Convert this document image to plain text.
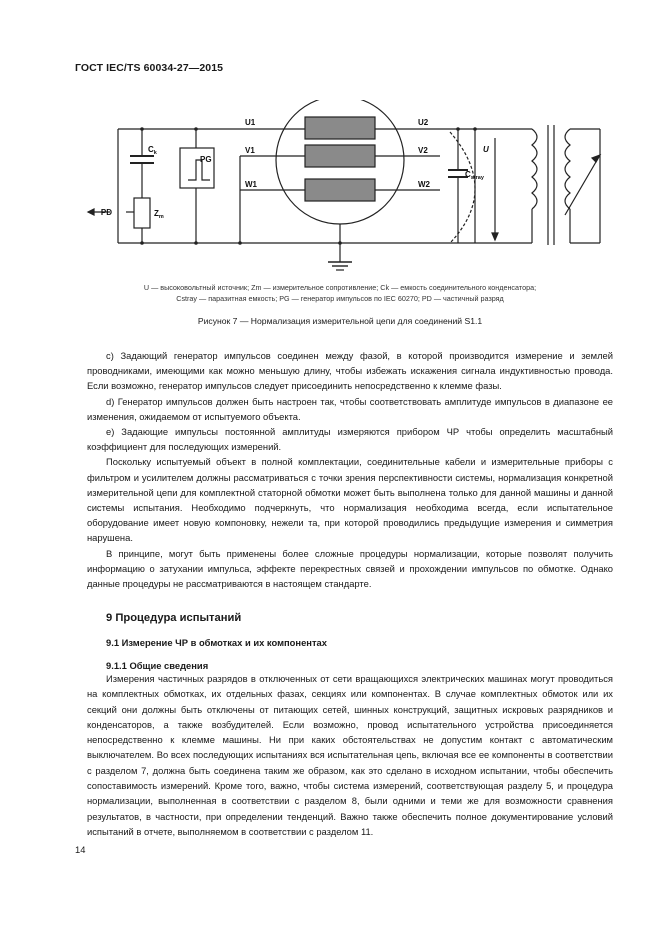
ГОСТ IEC/TS 60034-27—2015
U1
V1
W1
U2
V2
W2
PG
PD
$C_k$
$Z_m$
$C_{stray}$
U
U — высоковольтный источник; Zm — измерительное сопротивление; Ck — емкость соединительного конденсатора;
Cstray — паразитная емкость; PG — генератор импульсов по IEC 60270; PD — частичный разряд
Рисунок 7 — Нормализация измерительной цепи для соединений S1.1

c) Задающий генератор импульсов соединен между фазой, в которой производится измерение и землей проводниками, имеющими как можно меньшую длину, чтобы избежать искажения сигнала индуктивностью провода. Если возможно, генератор импульсов следует присоединить непосредственно к клемме фазы.

d) Генератор импульсов должен быть настроен так, чтобы соответствовать амплитуде импульсов в диапазоне ее изменения, ожидаемом от испытуемого объекта.

e) Задающие импульсы постоянной амплитуды измеряются прибором ЧР чтобы определить масштабный коэффициент для последующих измерений.

Поскольку испытуемый объект в полной комплектации, соединительные кабели и измерительные приборы с фильтром и усилителем должны рассматриваться с точки зрения перспективности системы, нормализация конкретной измерительной цепи для комплектной статорной обмотки может быть выполнена только для данной машины и данной системы испытания. Необходимо подчеркнуть, что нормализация необходима всегда, если испытательное оборудование имеет новую компоновку, нежели та, при которой проводились предыдущие измерения и симметрия нарушена.

В принципе, могут быть применены более сложные процедуры нормализации, которые позволят получить информацию о затухании импульса, эффекте перекрестных связей и прохождении импульсов по обмотке. Однако данные процедуры не рассматриваются в настоящем стандарте.

9 Процедура испытаний
9.1 Измерение ЧР в обмотках и их компонентах
9.1.1 Общие сведения

Измерения частичных разрядов в отключенных от сети вращающихся электрических машинах могут проводиться на комплектных обмотках, их отдельных фазах, секциях или компонентах. В случае комплектных обмоток или их секций они должны быть отключены от питающих сетей, шинных конструкций, защитных искровых разрядников и конденсаторов, а также возбудителей. Если возможно, провод испытательного устройства присоединяется непосредственно к клемме машины. Ни при каких обстоятельствах не допустим контакт с автоматическим выключателем. Во всех последующих испытаниях вся испытательная цепь, включая все ее компоненты в соответствии с разделом 7, должна быть соединена таким же образом, как это сделано в исходном испытании, чтобы обеспечить сопоставимость измерений. Кроме того, важно, чтобы система измерений, соответствующая разделу 5, и процедура нормализации, выполненная в соответствии с разделом 8, были одними и теми же для возможности сравнения результатов, в частности, при определении тенденций. Важно также обеспечить полное документирование условий испытаний в отчете, выполняемом в соответствии с разделом 11.

14
